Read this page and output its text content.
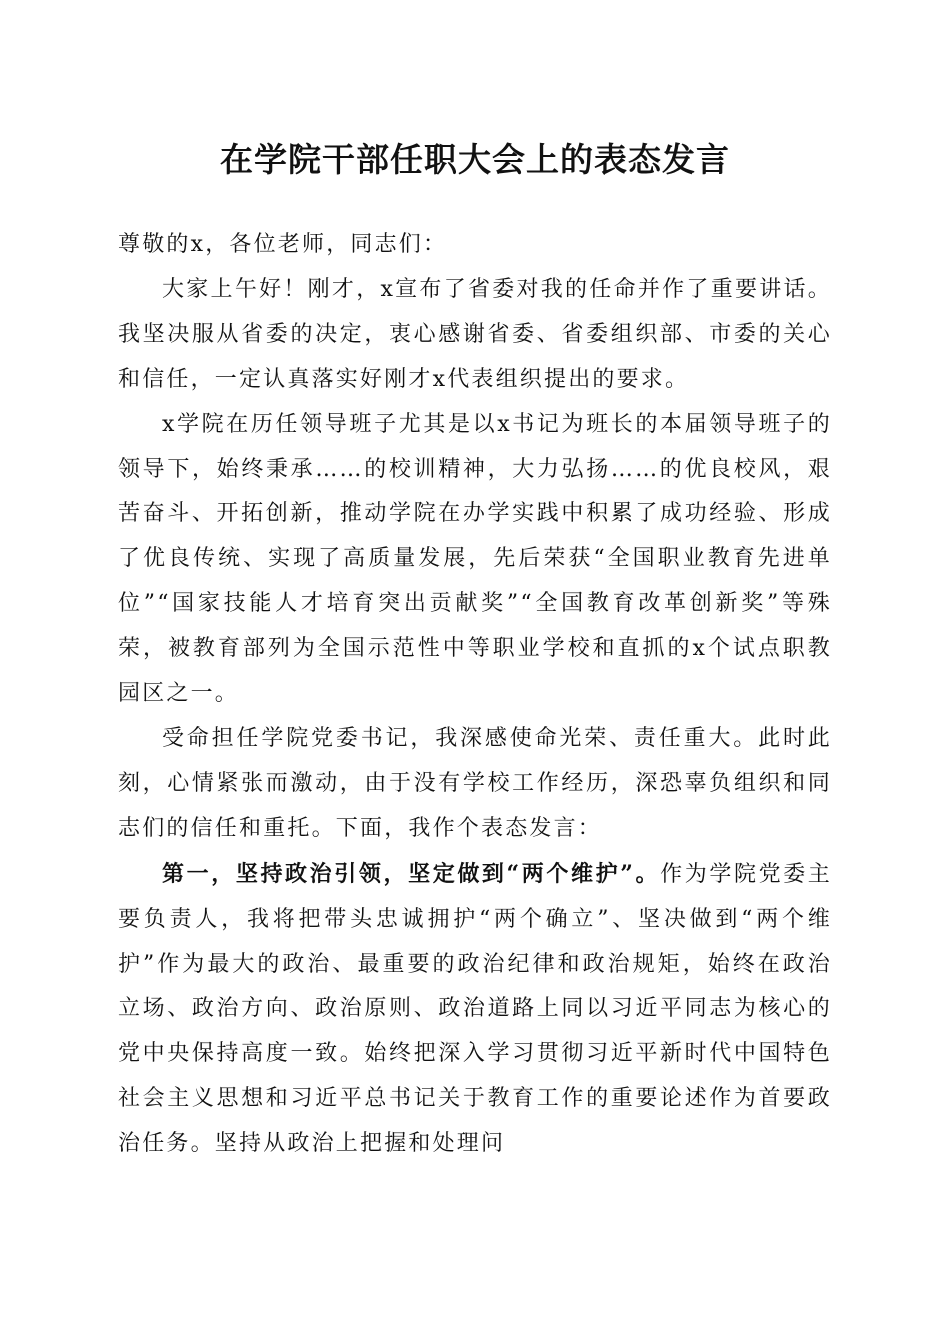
在学院干部任职大会上的表态发言

尊敬的x，各位老师，同志们：

大家上午好！刚才，x宣布了省委对我的任命并作了重要讲话。我坚决服从省委的决定，衷心感谢省委、省委组织部、市委的关心和信任，一定认真落实好刚才x代表组织提出的要求。

x学院在历任领导班子尤其是以x书记为班长的本届领导班子的领导下，始终秉承……的校训精神，大力弘扬……的优良校风，艰苦奋斗、开拓创新，推动学院在办学实践中积累了成功经验、形成了优良传统、实现了高质量发展，先后荣获“全国职业教育先进单位”“国家技能人才培育突出贡献奖”“全国教育改革创新奖”等殊荣，被教育部列为全国示范性中等职业学校和直抓的x个试点职教园区之一。

受命担任学院党委书记，我深感使命光荣、责任重大。此时此刻，心情紧张而激动，由于没有学校工作经历，深恐辜负组织和同志们的信任和重托。下面，我作个表态发言：

第一，坚持政治引领，坚定做到“两个维护”。作为学院党委主要负责人，我将把带头忠诚拥护“两个确立”、坚决做到“两个维护”作为最大的政治、最重要的政治纪律和政治规矩，始终在政治立场、政治方向、政治原则、政治道路上同以习近平同志为核心的党中央保持高度一致。始终把深入学习贯彻习近平新时代中国特色社会主义思想和习近平总书记关于教育工作的重要论述作为首要政治任务。坚持从政治上把握和处理问
